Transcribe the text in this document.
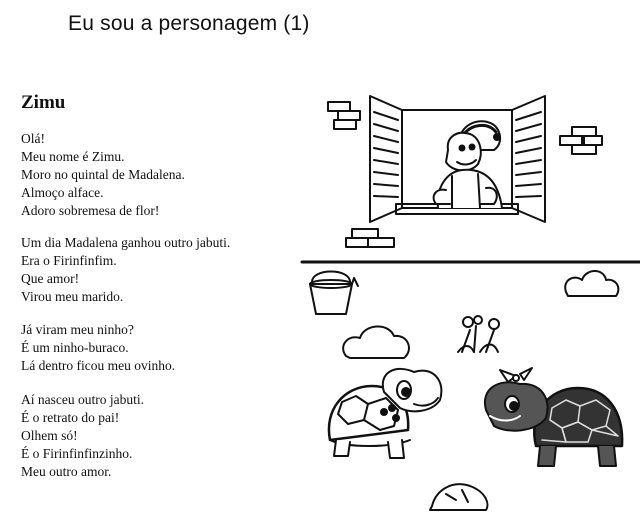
Eu sou a personagem (1)
Zimu
Olá!
Meu nome é Zimu.
Moro no quintal de Madalena.
Almoço alface.
Adoro sobremesa de flor!
Um dia Madalena ganhou outro jabuti.
Era o Firinfinfim.
Que amor!
Virou meu marido.
Já viram meu ninho?
É um ninho-buraco.
Lá dentro ficou meu ovinho.
Aí nasceu outro jabuti.
É o retrato do pai!
Olhem só!
É o Firinfinfinzinho.
Meu outro amor.
